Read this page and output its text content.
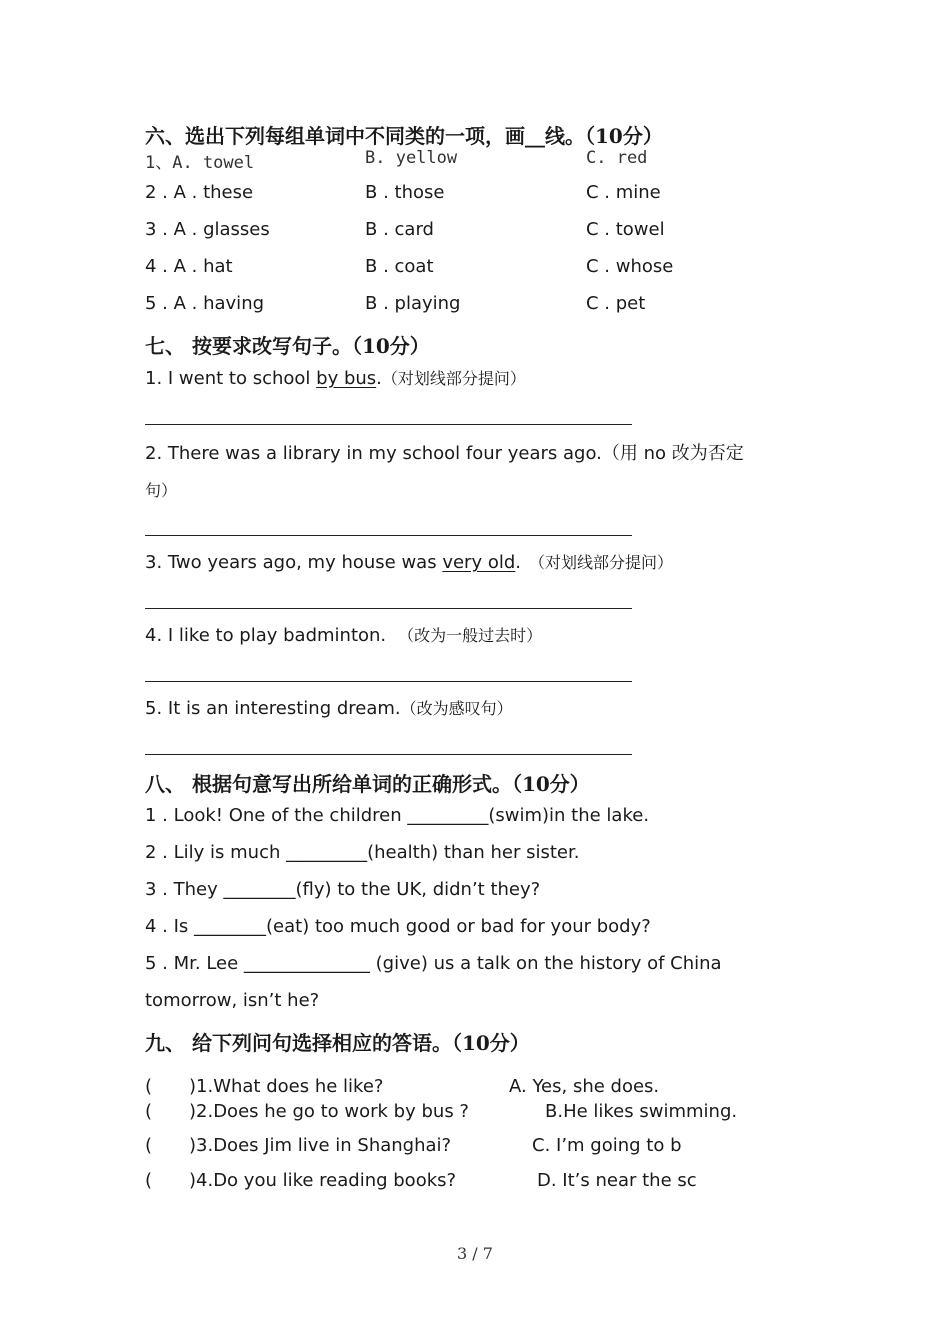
六、选出下列每组单词中不同类的一项，画__线。（10分）
1、A. towel	B. yellow	C. red
2 . A . these	B . those	C . mine
3 . A . glasses	B . card	C . towel
4 . A . hat	B . coat	C . whose
5 . A . having	B . playing	C . pet
七、 按要求改写句子。（10分）
1. I went to school by bus.（对划线部分提问）
2. There was a library in my school four years ago.（用 no 改为否定
句）
3. Two years ago, my house was very old. （对划线部分提问）
4. I like to play badminton. （改为一般过去时）
5. It is an interesting dream.（改为感叹句）
八、 根据句意写出所给单词的正确形式。（10分）
1 . Look! One of the children _________(swim)in the lake.
2 . Lily is much _________(health) than her sister.
3 . They ________(fly) to the UK, didn’t they?
4 . Is ________(eat) too much good or bad for your body?
5 . Mr. Lee ______________ (give) us a talk on the history of China
tomorrow, isn’t he?
九、 给下列问句选择相应的答语。（10分）
( )1.What does he like?	A. Yes, she does.
( )2.Does he go to work by bus ?	B.He likes swimming.
( )3.Does Jim live in Shanghai?	C. I’m going to b
( )4.Do you like reading books?	D. It’s near the sc
3 / 7
